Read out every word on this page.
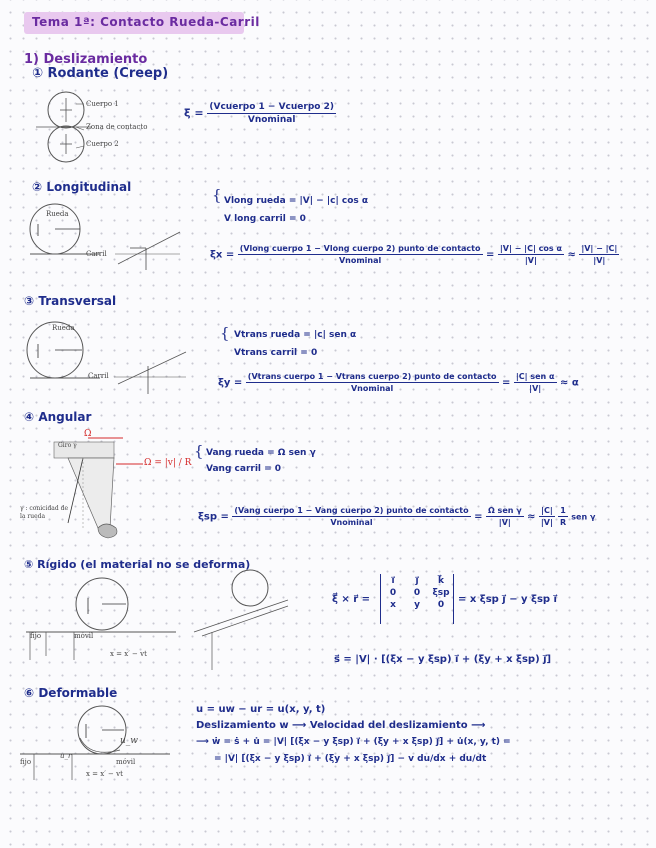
Tema 1ª: Contacto Rueda-Carril
1) Deslizamiento
① Rodante (Creep)
Cuerpo 1
Zona de contacto
Cuerpo 2
$\xi = \frac{\text{(Vcuerpo 1 − Vcuerpo 2)}}{\text{Vnominal}}$
② Longitudinal
Rueda
Carril
{ Vlong rueda = |V| − |c| cos α
V long carril = 0
$\xi x = \frac{\text{(Vlong cuerpo 1 − Vlong cuerpo 2) punto de contacto}}{\text{Vnominal}} = \frac{\text{|V| − |C| cos α}}{|V|} \approx \frac{|V| - |C|}{|V|}$
③ Transversal
Rueda
Carril
{ Vtrans rueda = |c| sen α
Vtrans carril = 0
$\xi y = \frac{\text{(Vtrans cuerpo 1 − Vtrans cuerpo 2) punto de contacto}}{\text{Vnominal}} = \frac{\text{|C| sen α}}{|V|} \approx \alpha$
④ Angular
Ω
Giro γ
Ω = |v| / R
γ : conicidad de la rueda
{ Vang rueda = Ω sen γ
Vang carril = 0
$\xi sp = \frac{\text{(Vang cuerpo 1 − Vang cuerpo 2) punto de contacto}}{\text{Vnominal}} = \frac{\text{Ω sen γ}}{|V|} \approx \frac{|C|}{|V|}$
$\frac{1}{R}$ sen γ
⑤ Rígido (el material no se deforma)
fijo	móvil
x = x′ − vt
ξ⃗ × r⃗ =
i⃗	j⃗	k⃗
0	0	ξsp
x	y	0	= x ξsp j⃗ − y ξsp i⃗
s⃗ = |V| · [(ξx − y ξsp) i⃗ + (ξy + x ξsp) j⃗]
⑥ Deformable
u_w
u_r
fijo	móvil
x = x′ − vt
u = uw − ur = u(x, y, t)
Deslizamiento w ⟶ Velocidad del deslizamiento ⟶
⟶ ẇ = ṡ + u̇ = |V| [(ξx − y ξsp) i⃗ + (ξy + x ξsp) j⃗] + u̇(x, y, t) =
= |V| [(ξx − y ξsp) i⃗ + (ξy + x ξsp) j⃗] − v du/dx + du/dt
